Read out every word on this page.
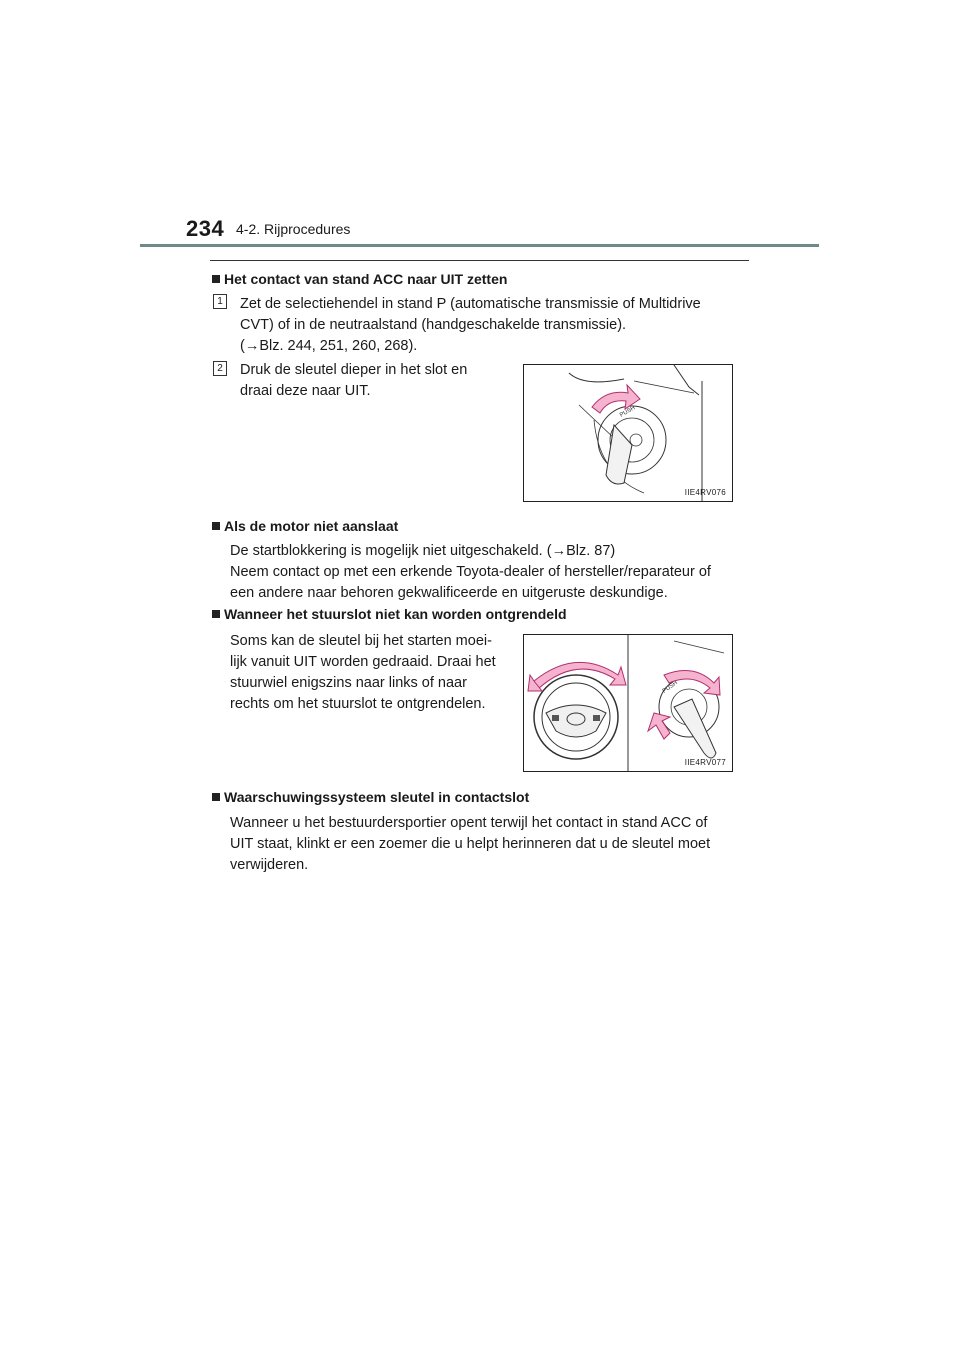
234 4-2. Rijprocedures
Het contact van stand ACC naar UIT zetten
1 Zet de selectiehendel in stand P (automatische transmissie of Multidrive
CVT) of in de neutraalstand (handgeschakelde transmissie).
(→Blz. 244, 251, 260, 268).
2 Druk de sleutel dieper in het slot en
draai deze naar UIT.
PUSH
IIE4RV076
Als de motor niet aanslaat
De startblokkering is mogelijk niet uitgeschakeld. (→Blz. 87)
Neem contact op met een erkende Toyota-dealer of hersteller/reparateur of
een andere naar behoren gekwalificeerde en uitgeruste deskundige.
Wanneer het stuurslot niet kan worden ontgrendeld
Soms kan de sleutel bij het starten moei-
lijk vanuit UIT worden gedraaid. Draai het
stuurwiel enigszins naar links of naar
rechts om het stuurslot te ontgrendelen.
PUSH
IIE4RV077
Waarschuwingssysteem sleutel in contactslot
Wanneer u het bestuurdersportier opent terwijl het contact in stand ACC of
UIT staat, klinkt er een zoemer die u helpt herinneren dat u de sleutel moet
verwijderen.
